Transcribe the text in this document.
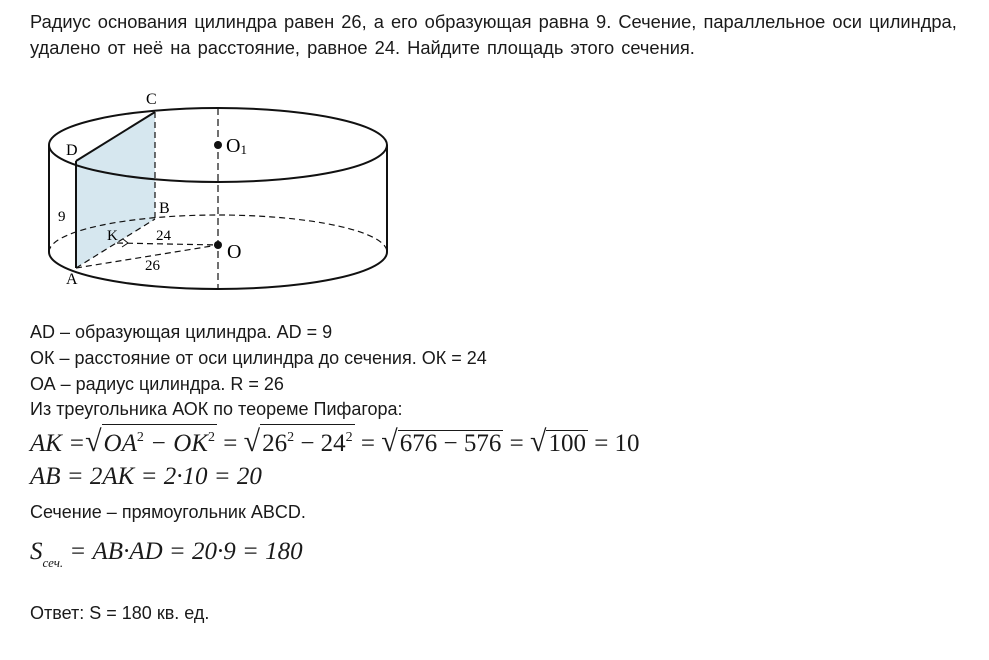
Радиус основания цилиндра равен 26, а его образующая равна 9. Сечение, параллельное оси цилиндра,
удалено от неё на расстояние, равное 24. Найдите площадь этого сечения.
C
D
B
K
A
9
24
26
O
O1
AD – образующая цилиндра. AD = 9
ОК – расстояние от оси цилиндра до сечения. ОК = 24
ОА – радиус цилиндра. R = 26
Из треугольника АОК по теореме Пифагора:
AK $=√OA^2 - OK^2 = √26^2 - 24^2 = √676 - 576 = √100 = 10$
AB = 2AK = 2·10 = 20
Сечение – прямоугольник ABCD.
$S_{сеч.} = AB\cdot AD = 20\cdot 9 = 180$
Ответ: S = 180 кв. ед.
